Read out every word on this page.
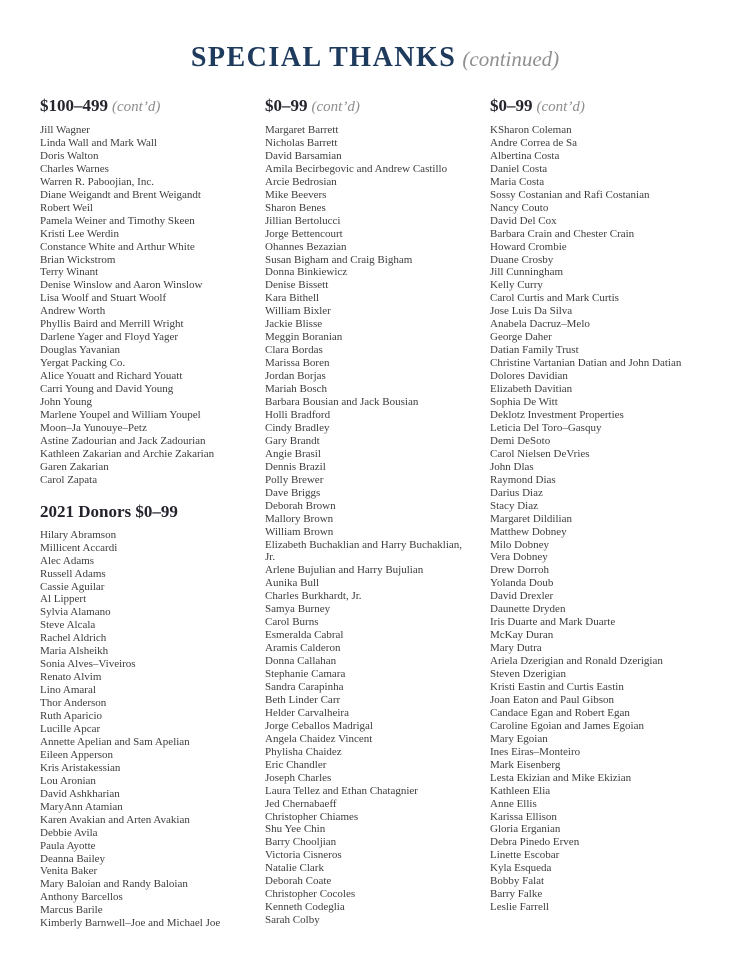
SPECIAL THANKS (continued)
$100–499 (cont’d)
Jill Wagner
Linda Wall and Mark Wall
Doris Walton
Charles Warnes
Warren R. Paboojian, Inc.
Diane Weigandt and Brent Weigandt
Robert Weil
Pamela Weiner and Timothy Skeen
Kristi Lee Werdin
Constance White and Arthur White
Brian Wickstrom
Terry Winant
Denise Winslow and Aaron Winslow
Lisa Woolf and Stuart Woolf
Andrew Worth
Phyllis Baird and Merrill Wright
Darlene Yager and Floyd Yager
Douglas Yavanian
Yergat Packing Co.
Alice Youatt and Richard Youatt
Carri Young and David Young
John Young
Marlene Youpel and William Youpel
Moon–Ja Yunouye–Petz
Astine Zadourian and Jack Zadourian
Kathleen Zakarian and Archie Zakarian
Garen Zakarian
Carol Zapata
2021 Donors $0–99
Hilary Abramson
Millicent Accardi
Alec Adams
Russell Adams
Cassie Aguilar
Al Lippert
Sylvia Alamano
Steve Alcala
Rachel Aldrich
Maria Alsheikh
Sonia Alves–Viveiros
Renato Alvim
Lino Amaral
Thor Anderson
Ruth Aparicio
Lucille Apcar
Annette Apelian and Sam Apelian
Eileen Apperson
Kris Aristakessian
Lou Aronian
David Ashkharian
MaryAnn Atamian
Karen Avakian and Arten Avakian
Debbie Avila
Paula Ayotte
Deanna Bailey
Venita Baker
Mary Baloian and Randy Baloian
Anthony Barcellos
Marcus Barile
Kimberly Barnwell–Joe and Michael Joe
$0–99 (cont’d)
Margaret Barrett
Nicholas Barrett
David Barsamian
Amila Becirbegovic and Andrew Castillo
Arcie Bedrosian
Mike Beevers
Sharon Benes
Jillian Bertolucci
Jorge Bettencourt
Ohannes Bezazian
Susan Bigham and Craig Bigham
Donna Binkiewicz
Denise Bissett
Kara Bithell
William Bixler
Jackie Blisse
Meggin Boranian
Clara Bordas
Marissa Boren
Jordan Borjas
Mariah Bosch
Barbara Bousian and Jack Bousian
Holli Bradford
Cindy Bradley
Gary Brandt
Angie Brasil
Dennis Brazil
Polly Brewer
Dave Briggs
Deborah Brown
Mallory Brown
William Brown
Elizabeth Buchaklian and Harry Buchaklian, Jr.
Arlene Bujulian and Harry Bujulian
Aunika Bull
Charles Burkhardt, Jr.
Samya Burney
Carol Burns
Esmeralda Cabral
Aramis Calderon
Donna Callahan
Stephanie Camara
Sandra Carapinha
Beth Linder Carr
Helder Carvalheira
Jorge Ceballos Madrigal
Angela Chaidez Vincent
Phylisha Chaidez
Eric Chandler
Joseph Charles
Laura Tellez and Ethan Chatagnier
Jed Chernabaeff
Christopher Chiames
Shu Yee Chin
Barry Chooljian
Victoria Cisneros
Natalie Clark
Deborah Coate
Christopher Cocoles
Kenneth Codeglia
Sarah Colby
$0–99 (cont’d)
KSharon Coleman
Andre Correa de Sa
Albertina Costa
Daniel Costa
Maria Costa
Sossy Costanian and Rafi Costanian
Nancy Couto
David Del Cox
Barbara Crain and Chester Crain
Howard Crombie
Duane Crosby
Jill Cunningham
Kelly Curry
Carol Curtis and Mark Curtis
Jose Luis Da Silva
Anabela Dacruz–Melo
George Daher
Datian Family Trust
Christine Vartanian Datian and John Datian
Dolores Davidian
Elizabeth Davitian
Sophia De Witt
Deklotz Investment Properties
Leticia Del Toro–Gasquy
Demi DeSoto
Carol Nielsen DeVries
John Dlas
Raymond Dias
Darius Diaz
Stacy Diaz
Margaret Dildilian
Matthew Dobney
Milo Dobney
Vera Dobney
Drew Dorroh
Yolanda Doub
David Drexler
Daunette Dryden
Iris Duarte and Mark Duarte
McKay Duran
Mary Dutra
Ariela Dzerigian and Ronald Dzerigian
Steven Dzerigian
Kristi Eastin and Curtis Eastin
Joan Eaton and Paul Gibson
Candace Egan and Robert Egan
Caroline Egoian and James Egoian
Mary Egoian
Ines Eiras–Monteiro
Mark Eisenberg
Lesta Ekizian and Mike Ekizian
Kathleen Elia
Anne Ellis
Karissa Ellison
Gloria Erganian
Debra Pinedo Erven
Linette Escobar
Kyla Esqueda
Bobby Falat
Barry Falke
Leslie Farrell
